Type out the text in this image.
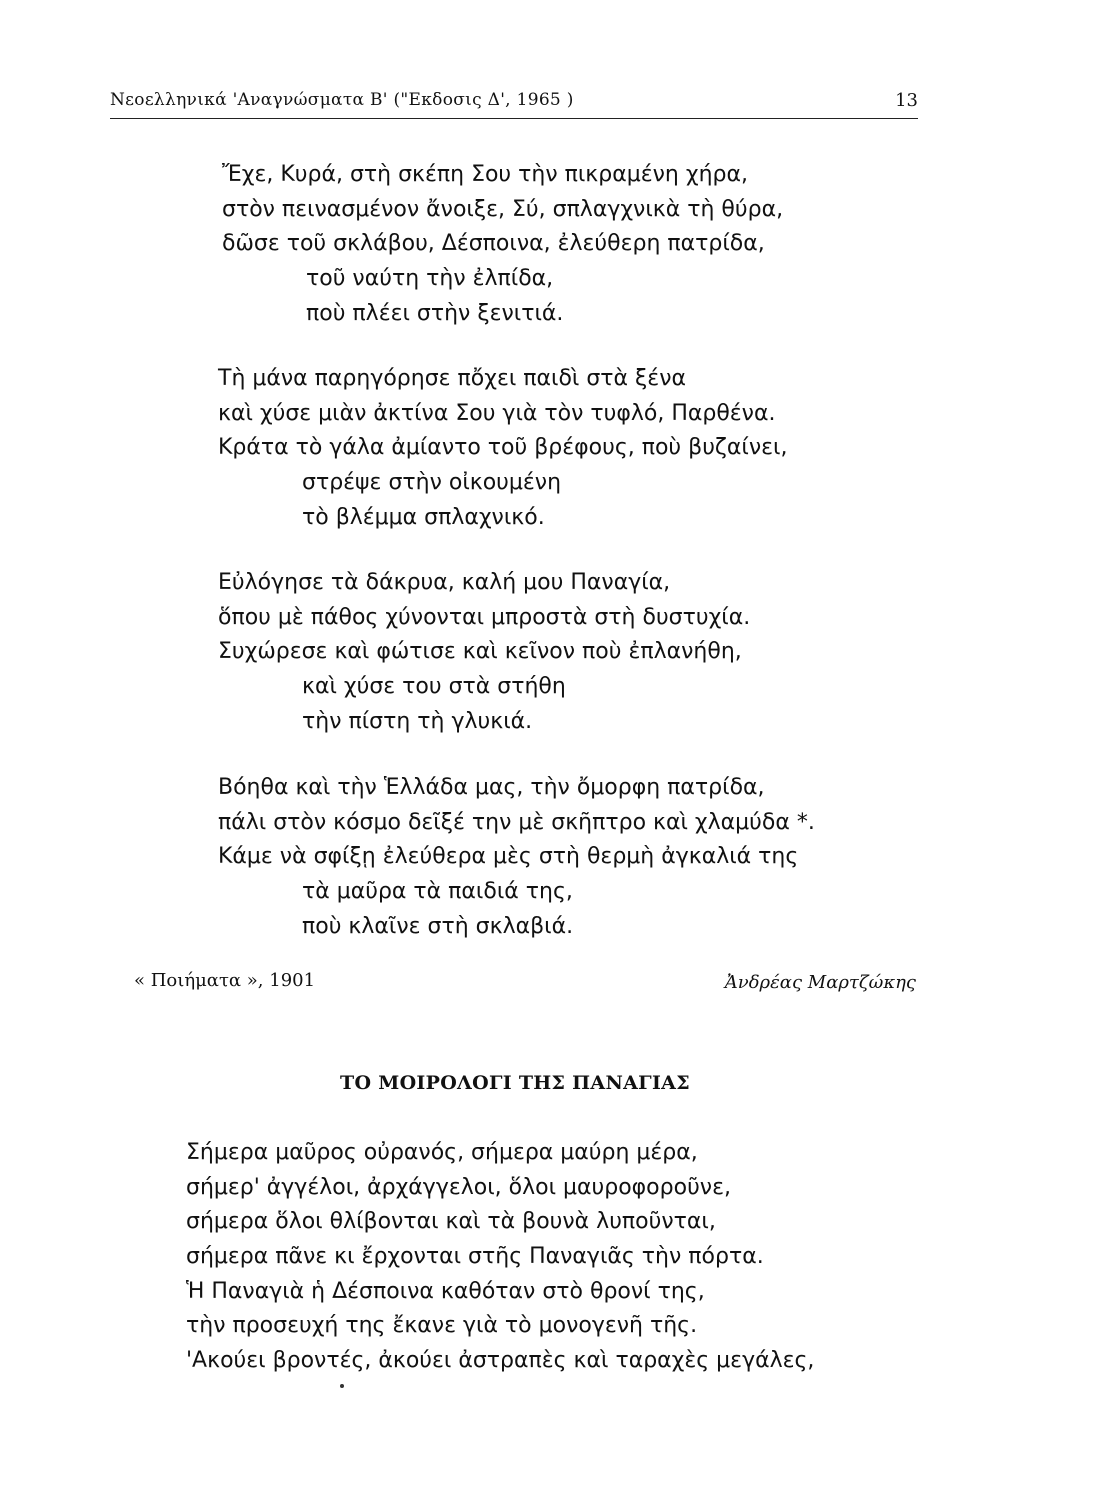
Νεοελληνικά 'Αναγνώσματα Β' ("Εκδοσις Δ', 1965 )	13
Ἔχε, Κυρά, στὴ σκέπη Σου τὴν πικραμένη χήρα,
στὸν πεινασμένον ἄνοιξε, Σύ, σπλαγχνικὰ τὴ θύρα,
δῶσε τοῦ σκλάβου, Δέσποινα, ἐλεύθερη πατρίδα,
τοῦ ναύτη τὴν ἐλπίδα,
ποὺ πλέει στὴν ξενιτιά.
Τὴ μάνα παρηγόρησε πὄχει παιδὶ στὰ ξένα
καὶ χύσε μιὰν ἀκτίνα Σου γιὰ τὸν τυφλό, Παρθένα.
Κράτα τὸ γάλα ἀμίαντο τοῦ βρέφους, ποὺ βυζαίνει,
στρέψε στὴν οἰκουμένη
τὸ βλέμμα σπλαχνικό.
Εὐλόγησε τὰ δάκρυα, καλή μου Παναγία,
ὅπου μὲ πάθος χύνονται μπροστὰ στὴ δυστυχία.
Συχώρεσε καὶ φώτισε καὶ κεῖνον ποὺ ἐπλανήθη,
καὶ χύσε του στὰ στήθη
τὴν πίστη τὴ γλυκιά.
Βόηθα καὶ τὴν Ἑλλάδα μας, τὴν ὄμορφη πατρίδα,
πάλι στὸν κόσμο δεῖξέ την μὲ σκῆπτρο καὶ χλαμύδα *.
Κάμε νὰ σφίξῃ ἐλεύθερα μὲς στὴ θερμὴ ἀγκαλιά της
τὰ μαῦρα τὰ παιδιά της,
ποὺ κλαῖνε στὴ σκλαβιά.
« Ποιήματα », 1901	Ἀνδρέας Μαρτζώκης
ΤΟ ΜΟΙΡΟΛΟΓΙ ΤΗΣ ΠΑΝΑΓΙΑΣ
Σήμερα μαῦρος οὐρανός, σήμερα μαύρη μέρα,
σήμερ' ἀγγέλοι, ἀρχάγγελοι, ὅλοι μαυροφοροῦνε,
σήμερα ὅλοι θλίβονται καὶ τὰ βουνὰ λυποῦνται,
σήμερα πᾶνε κι ἔρχονται στῆς Παναγιᾶς τὴν πόρτα.
Ἡ Παναγιὰ ἡ Δέσποινα καθόταν στὸ θρονί της,
τὴν προσευχή της ἔκανε γιὰ τὸ μονογενῆ τῆς.
'Ακούει βροντές, ἀκούει ἀστραπὲς καὶ ταραχὲς μεγάλες,
